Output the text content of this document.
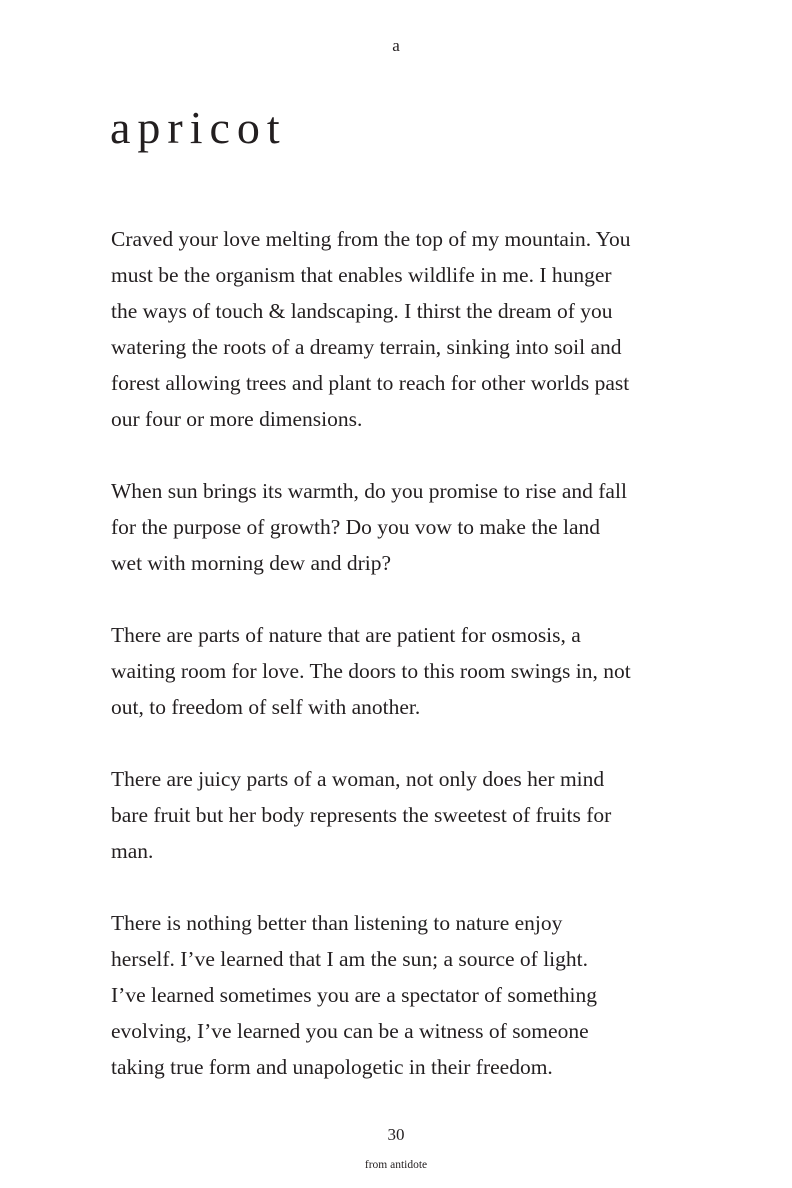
a
apricot

Craved your love melting from the top of my mountain. You
must be the organism that enables wildlife in me. I hunger
the ways of touch & landscaping. I thirst the dream of you
watering the roots of a dreamy terrain, sinking into soil and
forest allowing trees and plant to reach for other worlds past
our four or more dimensions.

When sun brings its warmth, do you promise to rise and fall
for the purpose of growth? Do you vow to make the land
wet with morning dew and drip?

There are parts of nature that are patient for osmosis, a
waiting room for love. The doors to this room swings in, not
out, to freedom of self with another.

There are juicy parts of a woman, not only does her mind
bare fruit but her body represents the sweetest of fruits for
man.

There is nothing better than listening to nature enjoy
herself. I’ve learned that I am the sun; a source of light.
I’ve learned sometimes you are a spectator of something
evolving, I’ve learned you can be a witness of someone
taking true form and unapologetic in their freedom.

30
from antidote
